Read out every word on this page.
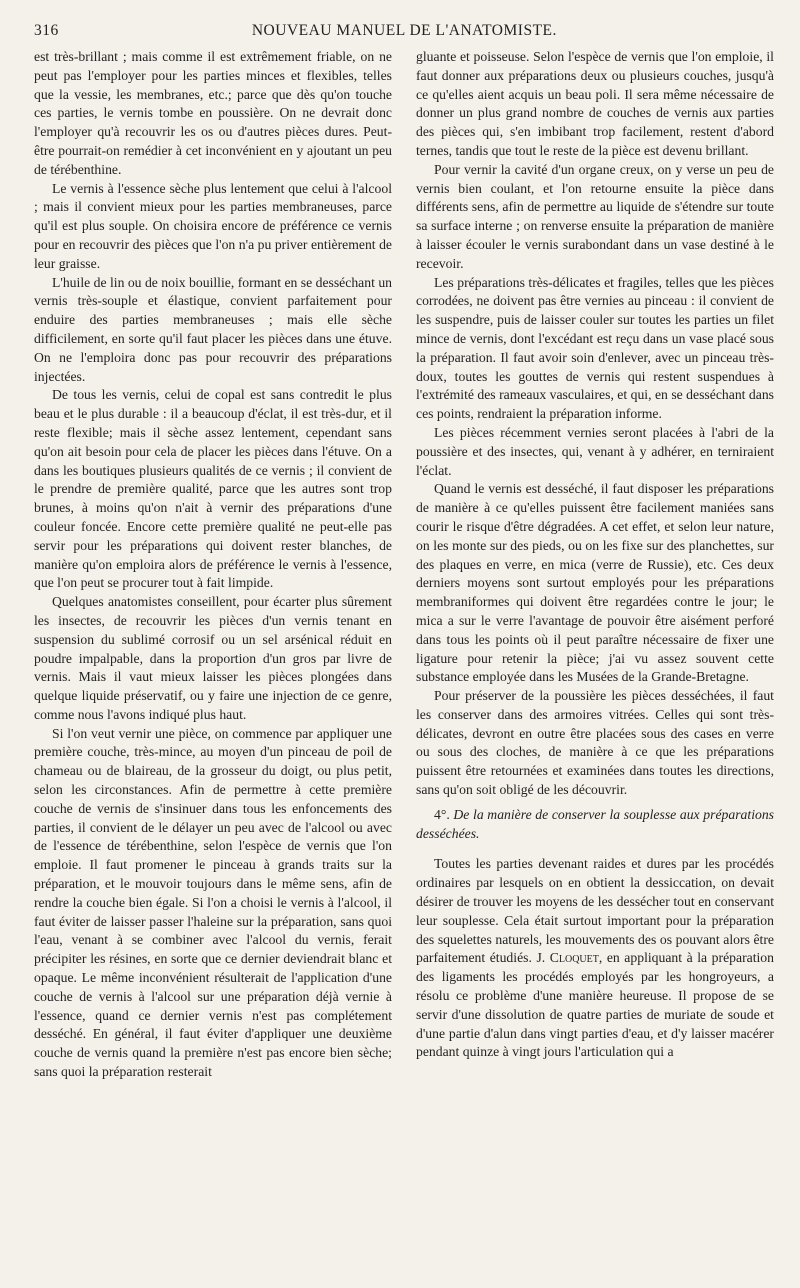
316	NOUVEAU MANUEL DE L'ANATOMISTE.

est très-brillant ; mais comme il est extrêmement friable, on ne peut pas l'employer pour les parties minces et flexibles, telles que la vessie, les membranes, etc.; parce que dès qu'on touche ces parties, le vernis tombe en poussière. On ne devrait donc l'employer qu'à recouvrir les os ou d'autres pièces dures. Peut-être pourrait-on remédier à cet inconvénient en y ajoutant un peu de térébenthine.

Le vernis à l'essence sèche plus lentement que celui à l'alcool ; mais il convient mieux pour les parties membraneuses, parce qu'il est plus souple. On choisira encore de préférence ce vernis pour en recouvrir des pièces que l'on n'a pu priver entièrement de leur graisse.

L'huile de lin ou de noix bouillie, formant en se desséchant un vernis très-souple et élastique, convient parfaitement pour enduire des parties membraneuses ; mais elle sèche difficilement, en sorte qu'il faut placer les pièces dans une étuve. On ne l'emploira donc pas pour recouvrir des préparations injectées.

De tous les vernis, celui de copal est sans contredit le plus beau et le plus durable : il a beaucoup d'éclat, il est très-dur, et il reste flexible; mais il sèche assez lentement, cependant sans qu'on ait besoin pour cela de placer les pièces dans l'étuve. On a dans les boutiques plusieurs qualités de ce vernis ; il convient de le prendre de première qualité, parce que les autres sont trop brunes, à moins qu'on n'ait à vernir des préparations d'une couleur foncée. Encore cette première qualité ne peut-elle pas servir pour les préparations qui doivent rester blanches, de manière qu'on emploira alors de préférence le vernis à l'essence, que l'on peut se procurer tout à fait limpide.

Quelques anatomistes conseillent, pour écarter plus sûrement les insectes, de recouvrir les pièces d'un vernis tenant en suspension du sublimé corrosif ou un sel arsénical réduit en poudre impalpable, dans la proportion d'un gros par livre de vernis. Mais il vaut mieux laisser les pièces plongées dans quelque liquide préservatif, ou y faire une injection de ce genre, comme nous l'avons indiqué plus haut.

Si l'on veut vernir une pièce, on commence par appliquer une première couche, très-mince, au moyen d'un pinceau de poil de chameau ou de blaireau, de la grosseur du doigt, ou plus petit, selon les circonstances. Afin de permettre à cette première couche de vernis de s'insinuer dans tous les enfoncements des parties, il convient de le délayer un peu avec de l'alcool ou avec de l'essence de térébenthine, selon l'espèce de vernis que l'on emploie. Il faut promener le pinceau à grands traits sur la préparation, et le mouvoir toujours dans le même sens, afin de rendre la couche bien égale. Si l'on a choisi le vernis à l'alcool, il faut éviter de laisser passer l'haleine sur la préparation, sans quoi l'eau, venant à se combiner avec l'alcool du vernis, ferait précipiter les résines, en sorte que ce dernier deviendrait blanc et opaque. Le même inconvénient résulterait de l'application d'une couche de vernis à l'alcool sur une préparation déjà vernie à l'essence, quand ce dernier vernis n'est pas complétement desséché. En général, il faut éviter d'appliquer une deuxième couche de vernis quand la première n'est pas encore bien sèche; sans quoi la préparation resterait

gluante et poisseuse. Selon l'espèce de vernis que l'on emploie, il faut donner aux préparations deux ou plusieurs couches, jusqu'à ce qu'elles aient acquis un beau poli. Il sera même nécessaire de donner un plus grand nombre de couches de vernis aux parties des pièces qui, s'en imbibant trop facilement, restent d'abord ternes, tandis que tout le reste de la pièce est devenu brillant.

Pour vernir la cavité d'un organe creux, on y verse un peu de vernis bien coulant, et l'on retourne ensuite la pièce dans différents sens, afin de permettre au liquide de s'étendre sur toute sa surface interne ; on renverse ensuite la préparation de manière à laisser écouler le vernis surabondant dans un vase destiné à le recevoir.

Les préparations très-délicates et fragiles, telles que les pièces corrodées, ne doivent pas être vernies au pinceau : il convient de les suspendre, puis de laisser couler sur toutes les parties un filet mince de vernis, dont l'excédant est reçu dans un vase placé sous la préparation. Il faut avoir soin d'enlever, avec un pinceau très-doux, toutes les gouttes de vernis qui restent suspendues à l'extrémité des rameaux vasculaires, et qui, en se desséchant dans ces points, rendraient la préparation informe.

Les pièces récemment vernies seront placées à l'abri de la poussière et des insectes, qui, venant à y adhérer, en terniraient l'éclat.

Quand le vernis est desséché, il faut disposer les préparations de manière à ce qu'elles puissent être facilement maniées sans courir le risque d'être dégradées. A cet effet, et selon leur nature, on les monte sur des pieds, ou on les fixe sur des planchettes, sur des plaques en verre, en mica (verre de Russie), etc. Ces deux derniers moyens sont surtout employés pour les préparations membraniformes qui doivent être regardées contre le jour; le mica a sur le verre l'avantage de pouvoir être aisément perforé dans tous les points où il peut paraître nécessaire de fixer une ligature pour retenir la pièce; j'ai vu assez souvent cette substance employée dans les Musées de la Grande-Bretagne.

Pour préserver de la poussière les pièces desséchées, il faut les conserver dans des armoires vitrées. Celles qui sont très-délicates, devront en outre être placées sous des cases en verre ou sous des cloches, de manière à ce que les préparations puissent être retournées et examinées dans toutes les directions, sans qu'on soit obligé de les découvrir.

4°. De la manière de conserver la souplesse aux préparations desséchées.

Toutes les parties devenant raides et dures par les procédés ordinaires par lesquels on en obtient la dessiccation, on devait désirer de trouver les moyens de les dessécher tout en conservant leur souplesse. Cela était surtout important pour la préparation des squelettes naturels, les mouvements des os pouvant alors être parfaitement étudiés. J. Cloquet, en appliquant à la préparation des ligaments les procédés employés par les hongroyeurs, a résolu ce problème d'une manière heureuse. Il propose de se servir d'une dissolution de quatre parties de muriate de soude et d'une partie d'alun dans vingt parties d'eau, et d'y laisser macérer pendant quinze à vingt jours l'articulation qui a
